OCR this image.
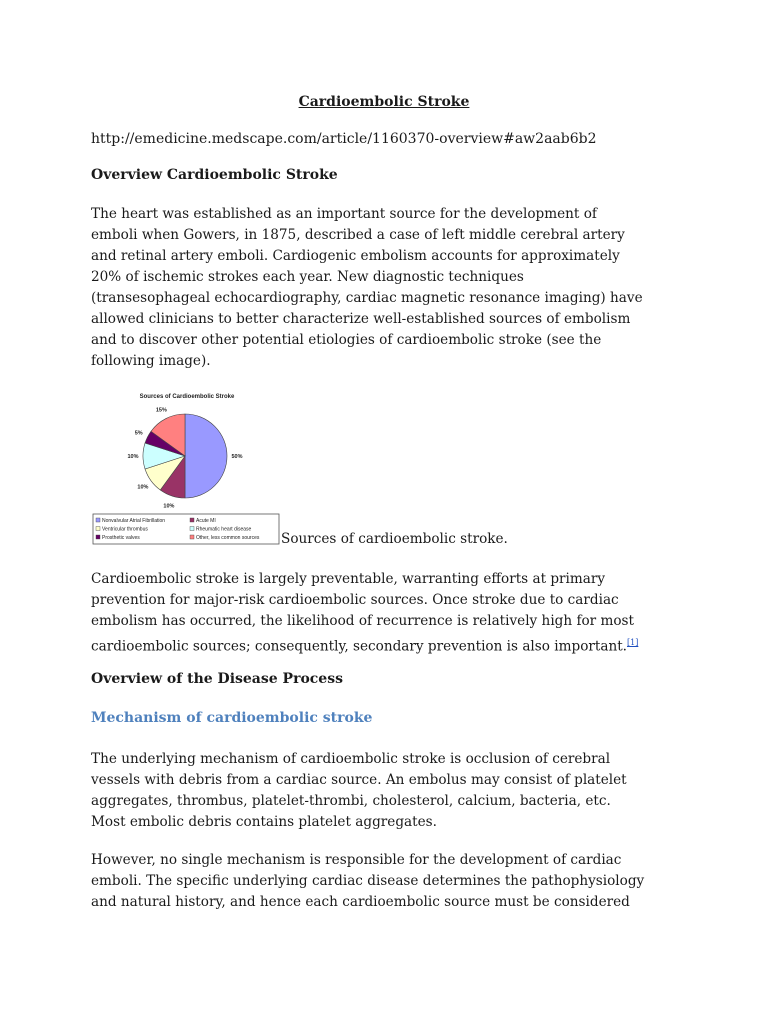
Cardioembolic Stroke
http://emedicine.medscape.com/article/1160370-overview#aw2aab6b2
Overview Cardioembolic Stroke
The heart was established as an important source for the development of
emboli when Gowers, in 1875, described a case of left middle cerebral artery
and retinal artery emboli. Cardiogenic embolism accounts for approximately
20% of ischemic strokes each year. New diagnostic techniques
(transesophageal echocardiography, cardiac magnetic resonance imaging) have
allowed clinicians to better characterize well-established sources of embolism
and to discover other potential etiologies of cardioembolic stroke (see the
following image).
Sources of Cardioembolic Stroke
50%
10%
10%
10%
5%
15%
Nonvalvular Atrial Fibrillation	Acute MI
Ventricular thrombus	Rheumatic heart disease
Prosthetic valves	Other, less common sources Sources of cardioembolic stroke.
Cardioembolic stroke is largely preventable, warranting efforts at primary
prevention for major-risk cardioembolic sources. Once stroke due to cardiac
embolism has occurred, the likelihood of recurrence is relatively high for most
cardioembolic sources; consequently, secondary prevention is also important.[1]
Overview of the Disease Process
Mechanism of cardioembolic stroke
The underlying mechanism of cardioembolic stroke is occlusion of cerebral
vessels with debris from a cardiac source. An embolus may consist of platelet
aggregates, thrombus, platelet-thrombi, cholesterol, calcium, bacteria, etc.
Most embolic debris contains platelet aggregates.
However, no single mechanism is responsible for the development of cardiac
emboli. The specific underlying cardiac disease determines the pathophysiology
and natural history, and hence each cardioembolic source must be considered
